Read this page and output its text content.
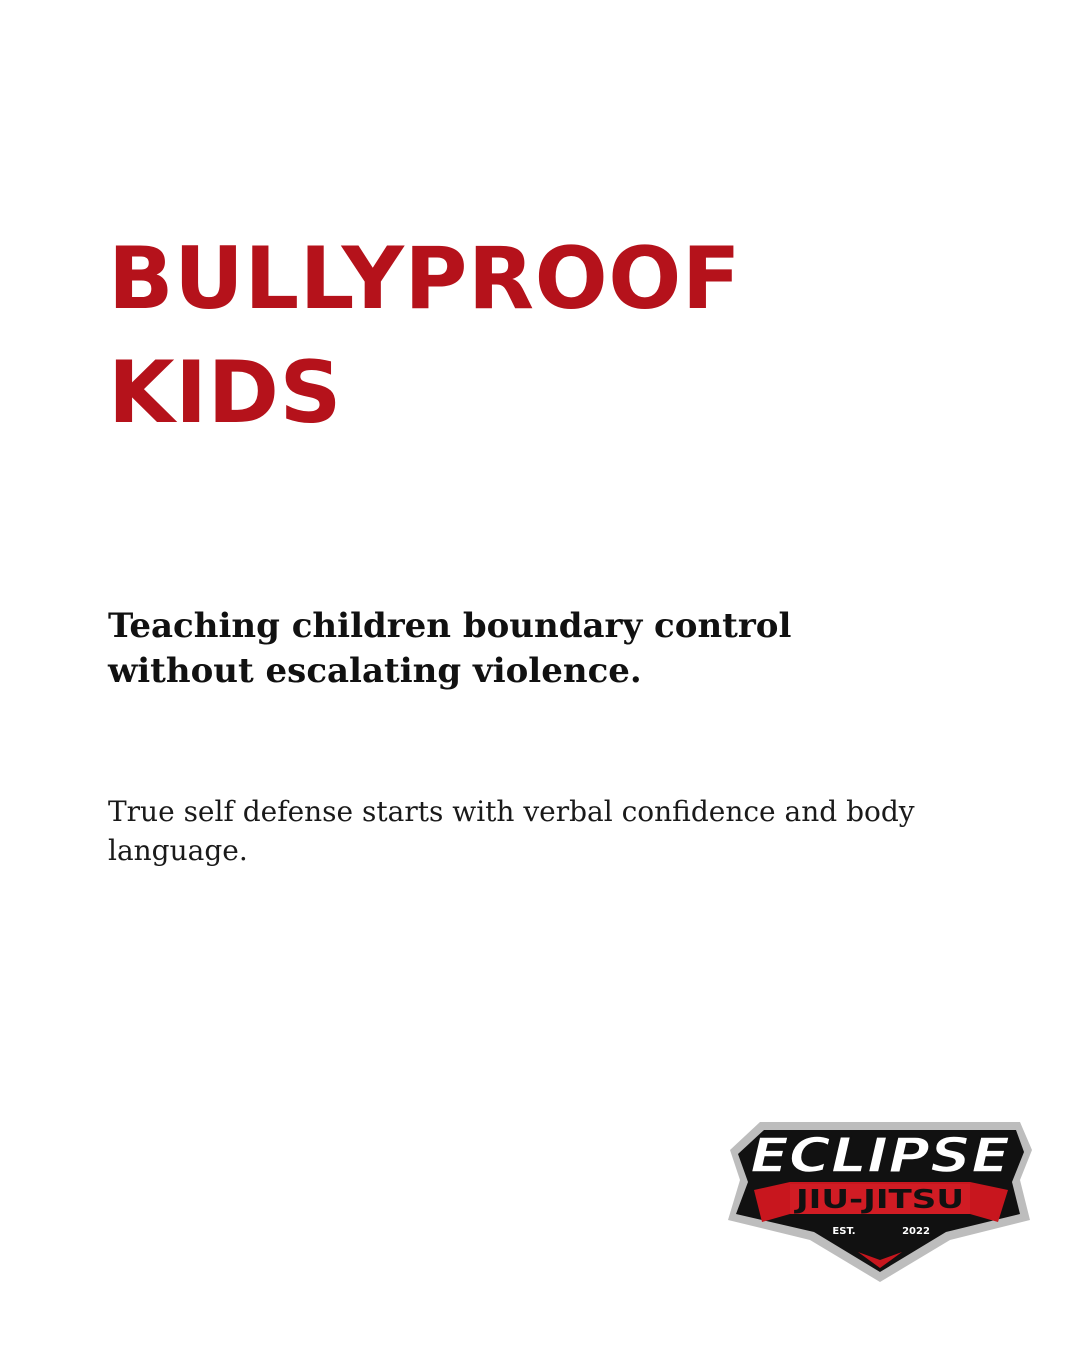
BULLYPROOF
KIDS

Teaching children boundary control without escalating violence.

True self defense starts with verbal confidence and body language.

ECLIPSE
JIU-JITSU
EST.	2022
